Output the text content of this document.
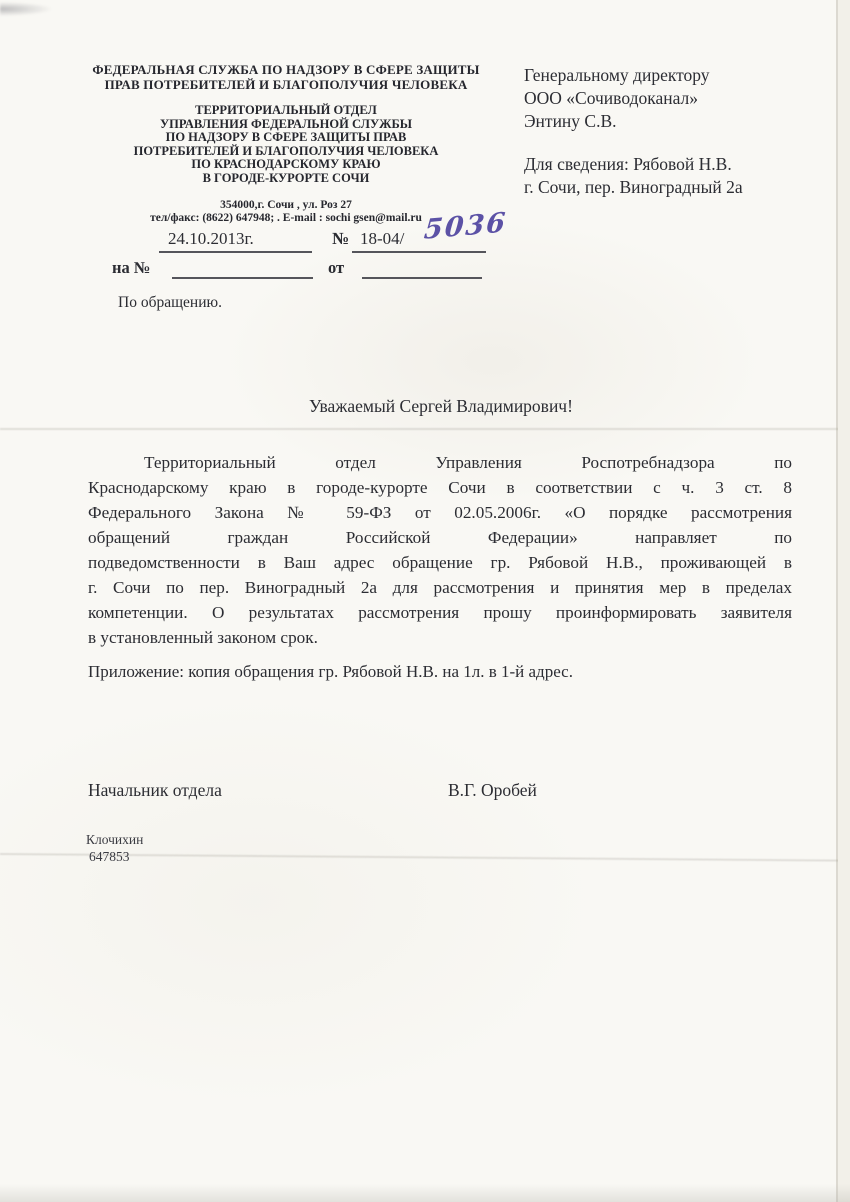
ФЕДЕРАЛЬНАЯ СЛУЖБА ПО НАДЗОРУ В СФЕРЕ ЗАЩИТЫ
ПРАВ ПОТРЕБИТЕЛЕЙ И БЛАГОПОЛУЧИЯ ЧЕЛОВЕКА
ТЕРРИТОРИАЛЬНЫЙ ОТДЕЛ
УПРАВЛЕНИЯ ФЕДЕРАЛЬНОЙ СЛУЖБЫ
ПО НАДЗОРУ В СФЕРЕ ЗАЩИТЫ ПРАВ
ПОТРЕБИТЕЛЕЙ И БЛАГОПОЛУЧИЯ ЧЕЛОВЕКА
ПО КРАСНОДАРСКОМУ КРАЮ
В ГОРОДЕ-КУРОРТЕ СОЧИ
354000,г. Сочи , ул. Роз 27
тел/факс: (8622) 647948; . E-mail : sochi gsen@mail.ru
Генеральному директору
ООО «Сочиводоканал»
Энтину С.В.
Для сведения: Рябовой Н.В.
г. Сочи, пер. Виноградный 2а
24.10.2013г.	№ 18-04/ 5036
на №	от
По обращению.
Уважаемый Сергей Владимирович!
Территориальный отдел Управления Роспотребнадзора по
Краснодарскому краю в городе-курорте Сочи в соответствии с ч. 3 ст. 8
Федерального Закона № 59-ФЗ от 02.05.2006г. «О порядке рассмотрения
обращений граждан Российской Федерации» направляет по
подведомственности в Ваш адрес обращение гр. Рябовой Н.В., проживающей в
г. Сочи по пер. Виноградный 2а для рассмотрения и принятия мер в пределах
компетенции. О результатах рассмотрения прошу проинформировать заявителя
в установленный законом срок.
Приложение: копия обращения гр. Рябовой Н.В. на 1л. в 1-й адрес.
Начальник отдела	В.Г. Оробей
Клочихин
647853
